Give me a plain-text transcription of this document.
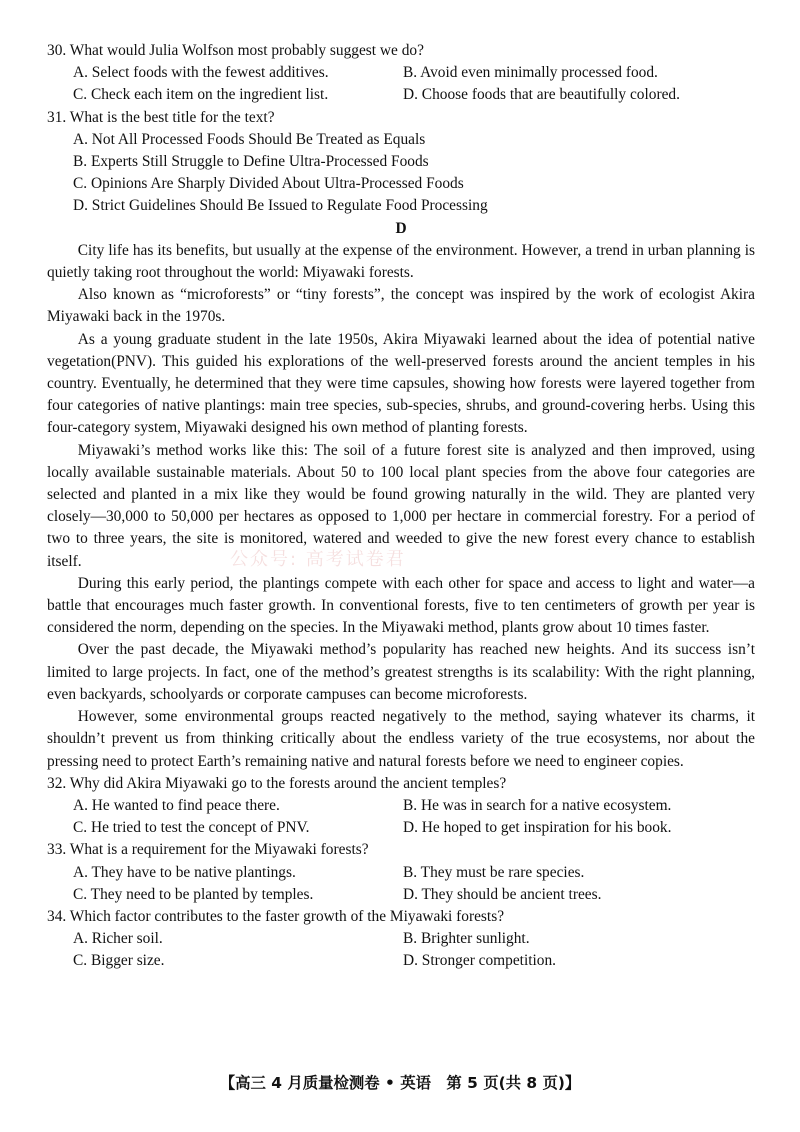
30. What would Julia Wolfson most probably suggest we do?
A. Select foods with the fewest additives.	B. Avoid even minimally processed food.
C. Check each item on the ingredient list.	D. Choose foods that are beautifully colored.
31. What is the best title for the text?
A. Not All Processed Foods Should Be Treated as Equals
B. Experts Still Struggle to Define Ultra-Processed Foods
C. Opinions Are Sharply Divided About Ultra-Processed Foods
D. Strict Guidelines Should Be Issued to Regulate Food Processing
D
City life has its benefits, but usually at the expense of the environment. However, a trend in urban planning is quietly taking root throughout the world: Miyawaki forests.
Also known as “microforests” or “tiny forests”, the concept was inspired by the work of ecologist Akira Miyawaki back in the 1970s.
As a young graduate student in the late 1950s, Akira Miyawaki learned about the idea of potential native vegetation(PNV). This guided his explorations of the well-preserved forests around the ancient temples in his country. Eventually, he determined that they were time capsules, showing how forests were layered together from four categories of native plantings: main tree species, sub-species, shrubs, and ground-covering herbs. Using this four-category system, Miyawaki designed his own method of planting forests.
Miyawaki’s method works like this: The soil of a future forest site is analyzed and then improved, using locally available sustainable materials. About 50 to 100 local plant species from the above four categories are selected and planted in a mix like they would be found growing naturally in the wild. They are planted very closely—30,000 to 50,000 per hectares as opposed to 1,000 per hectare in commercial forestry. For a period of two to three years, the site is monitored, watered and weeded to give the new forest every chance to establish itself.
During this early period, the plantings compete with each other for space and access to light and water—a battle that encourages much faster growth. In conventional forests, five to ten centimeters of growth per year is considered the norm, depending on the species. In the Miyawaki method, plants grow about 10 times faster.
Over the past decade, the Miyawaki method’s popularity has reached new heights. And its success isn’t limited to large projects. In fact, one of the method’s greatest strengths is its scalability: With the right planning, even backyards, schoolyards or corporate campuses can become microforests.
However, some environmental groups reacted negatively to the method, saying whatever its charms, it shouldn’t prevent us from thinking critically about the endless variety of the true ecosystems, nor about the pressing need to protect Earth’s remaining native and natural forests before we need to engineer copies.
32. Why did Akira Miyawaki go to the forests around the ancient temples?
A. He wanted to find peace there.	B. He was in search for a native ecosystem.
C. He tried to test the concept of PNV.	D. He hoped to get inspiration for his book.
33. What is a requirement for the Miyawaki forests?
A. They have to be native plantings.	B. They must be rare species.
C. They need to be planted by temples.	D. They should be ancient trees.
34. Which factor contributes to the faster growth of the Miyawaki forests?
A. Richer soil.	B. Brighter sunlight.
C. Bigger size.	D. Stronger competition.
公众号: 高考试卷君
【高三 4 月质量检测卷 • 英语　第 5 页(共 8 页)】
